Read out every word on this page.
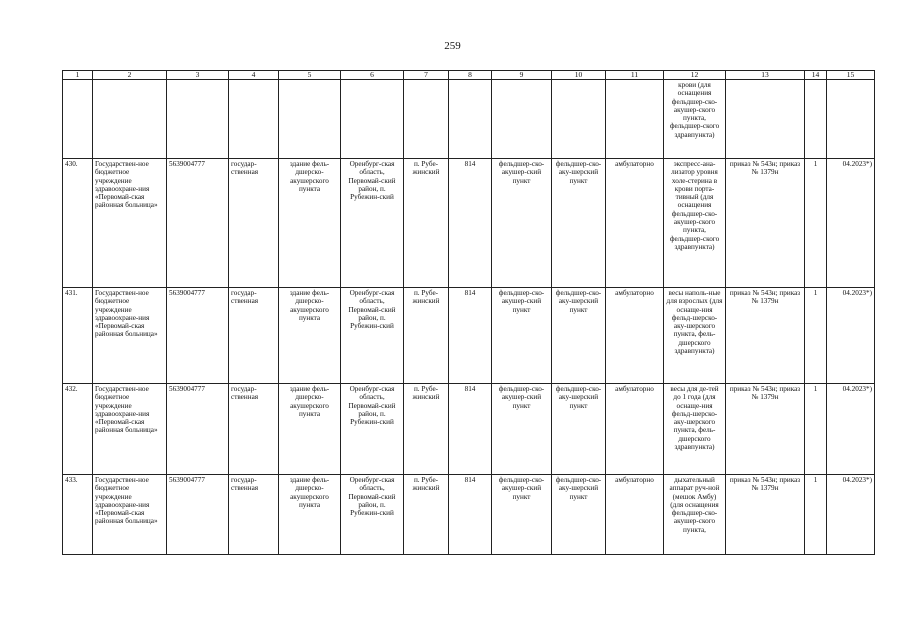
259
1	2	3	4	5	6	7	8	9	10	11	12	13	14	15
											крови (для оснащения фельдшер-ско-акушер-ского пункта, фельдшер-ского здравпункта)			
430.	Государствен-ное бюджетное учреждение здравоохране-ния «Первомай-ская районная больница»	5639004777	государ-ственная	здание фель-дшерско-акушерского пункта	Оренбург-ская область, Первомай-ский район, п. Рубежин-ский	п. Рубе-жинский	814	фельдшер-ско-акушер-ский пункт	фельдшер-ско-аку-шерский пункт	амбулаторно	экспресс-ана-лизатор уровня холе-стерина в крови порта-тивный (для оснащения фельдшер-ско-акушер-ского пункта, фельдшер-ского здравпункта)	приказ № 543н; приказ № 1379н	1	04.2023*)
431.	Государствен-ное бюджетное учреждение здравоохране-ния «Первомай-ская районная больница»	5639004777	государ-ственная	здание фель-дшерско-акушерского пункта	Оренбург-ская область, Первомай-ский район, п. Рубежин-ский	п. Рубе-жинский	814	фельдшер-ско-акушер-ский пункт	фельдшер-ско-аку-шерский пункт	амбулаторно	весы наполь-ные для взрослых (для оснаще-ния фельд-шерско-аку-шерского пункта, фель-дшерского здравпункта)	приказ № 543н; приказ № 1379н	1	04.2023*)
432.	Государствен-ное бюджетное учреждение здравоохране-ния «Первомай-ская районная больница»	5639004777	государ-ственная	здание фель-дшерско-акушерского пункта	Оренбург-ская область, Первомай-ский район, п. Рубежин-ский	п. Рубе-жинский	814	фельдшер-ско-акушер-ский пункт	фельдшер-ско-аку-шерский пункт	амбулаторно	весы для де-тей до 1 года (для оснаще-ния фельд-шерско-аку-шерского пункта, фель-дшерского здравпункта)	приказ № 543н; приказ № 1379н	1	04.2023*)
433.	Государствен-ное бюджетное учреждение здравоохране-ния «Первомай-ская районная больница»	5639004777	государ-ственная	здание фель-дшерско-акушерского пункта	Оренбург-ская область, Первомай-ский район, п. Рубежин-ский	п. Рубе-жинский	814	фельдшер-ско-акушер-ский пункт	фельдшер-ско-аку-шерский пункт	амбулаторно	дыхательный аппарат руч-ной (мешок Амбу) (для оснащения фельдшер-ско-акушер-ского пункта,	приказ № 543н; приказ № 1379н	1	04.2023*)
